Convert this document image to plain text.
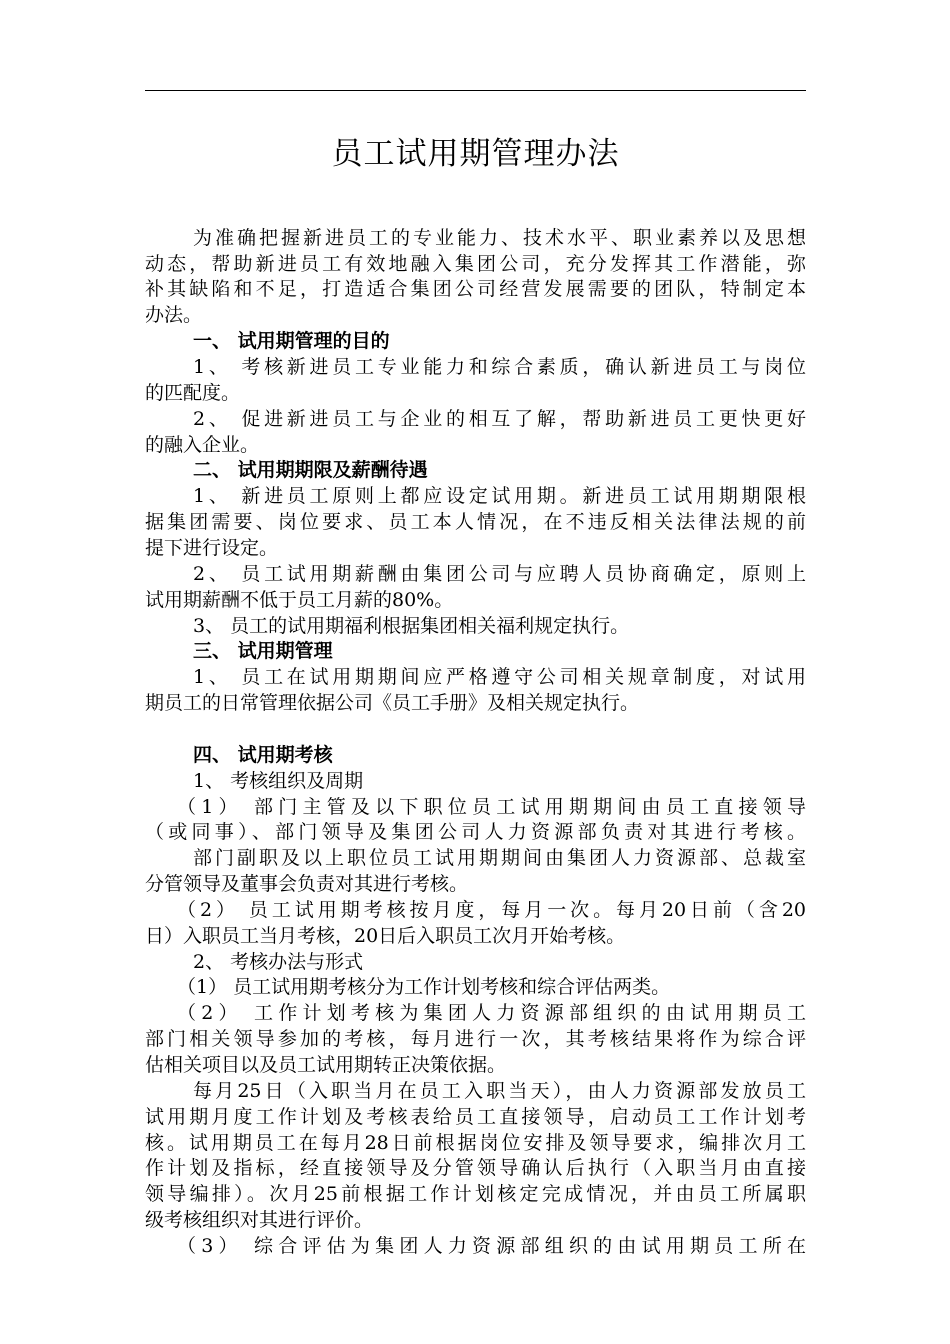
员工试用期管理办法
为准确把握新进员工的专业能力、技术水平、职业素养以及思想
动态，帮助新进员工有效地融入集团公司，充分发挥其工作潜能，弥
补其缺陷和不足，打造适合集团公司经营发展需要的团队，特制定本
办法。
一、 试用期管理的目的
1、 考核新进员工专业能力和综合素质，确认新进员工与岗位
的匹配度。
2、 促进新进员工与企业的相互了解，帮助新进员工更快更好
的融入企业。
二、 试用期期限及薪酬待遇
1、 新进员工原则上都应设定试用期。新进员工试用期期限根
据集团需要、岗位要求、员工本人情况，在不违反相关法律法规的前
提下进行设定。
2、 员工试用期薪酬由集团公司与应聘人员协商确定，原则上
试用期薪酬不低于员工月薪的80%。
3、 员工的试用期福利根据集团相关福利规定执行。
三、 试用期管理
1、 员工在试用期期间应严格遵守公司相关规章制度，对试用
期员工的日常管理依据公司《员工手册》及相关规定执行。
四、 试用期考核
1、 考核组织及周期
（1） 部门主管及以下职位员工试用期期间由员工直接领导
（或同事）、部门领导及集团公司人力资源部负责对其进行考核。
部门副职及以上职位员工试用期期间由集团人力资源部、总裁室
分管领导及董事会负责对其进行考核。
（2） 员工试用期考核按月度，每月一次。每月20日前（含20
日）入职员工当月考核，20日后入职员工次月开始考核。
2、 考核办法与形式
（1） 员工试用期考核分为工作计划考核和综合评估两类。
（2） 工作计划考核为集团人力资源部组织的由试用期员工
部门相关领导参加的考核，每月进行一次，其考核结果将作为综合评
估相关项目以及员工试用期转正决策依据。
每月25日（入职当月在员工入职当天），由人力资源部发放员工
试用期月度工作计划及考核表给员工直接领导，启动员工工作计划考
核。试用期员工在每月28日前根据岗位安排及领导要求，编排次月工
作计划及指标，经直接领导及分管领导确认后执行（入职当月由直接
领导编排）。次月25前根据工作计划核定完成情况，并由员工所属职
级考核组织对其进行评价。
（3） 综合评估为集团人力资源部组织的由试用期员工所在
